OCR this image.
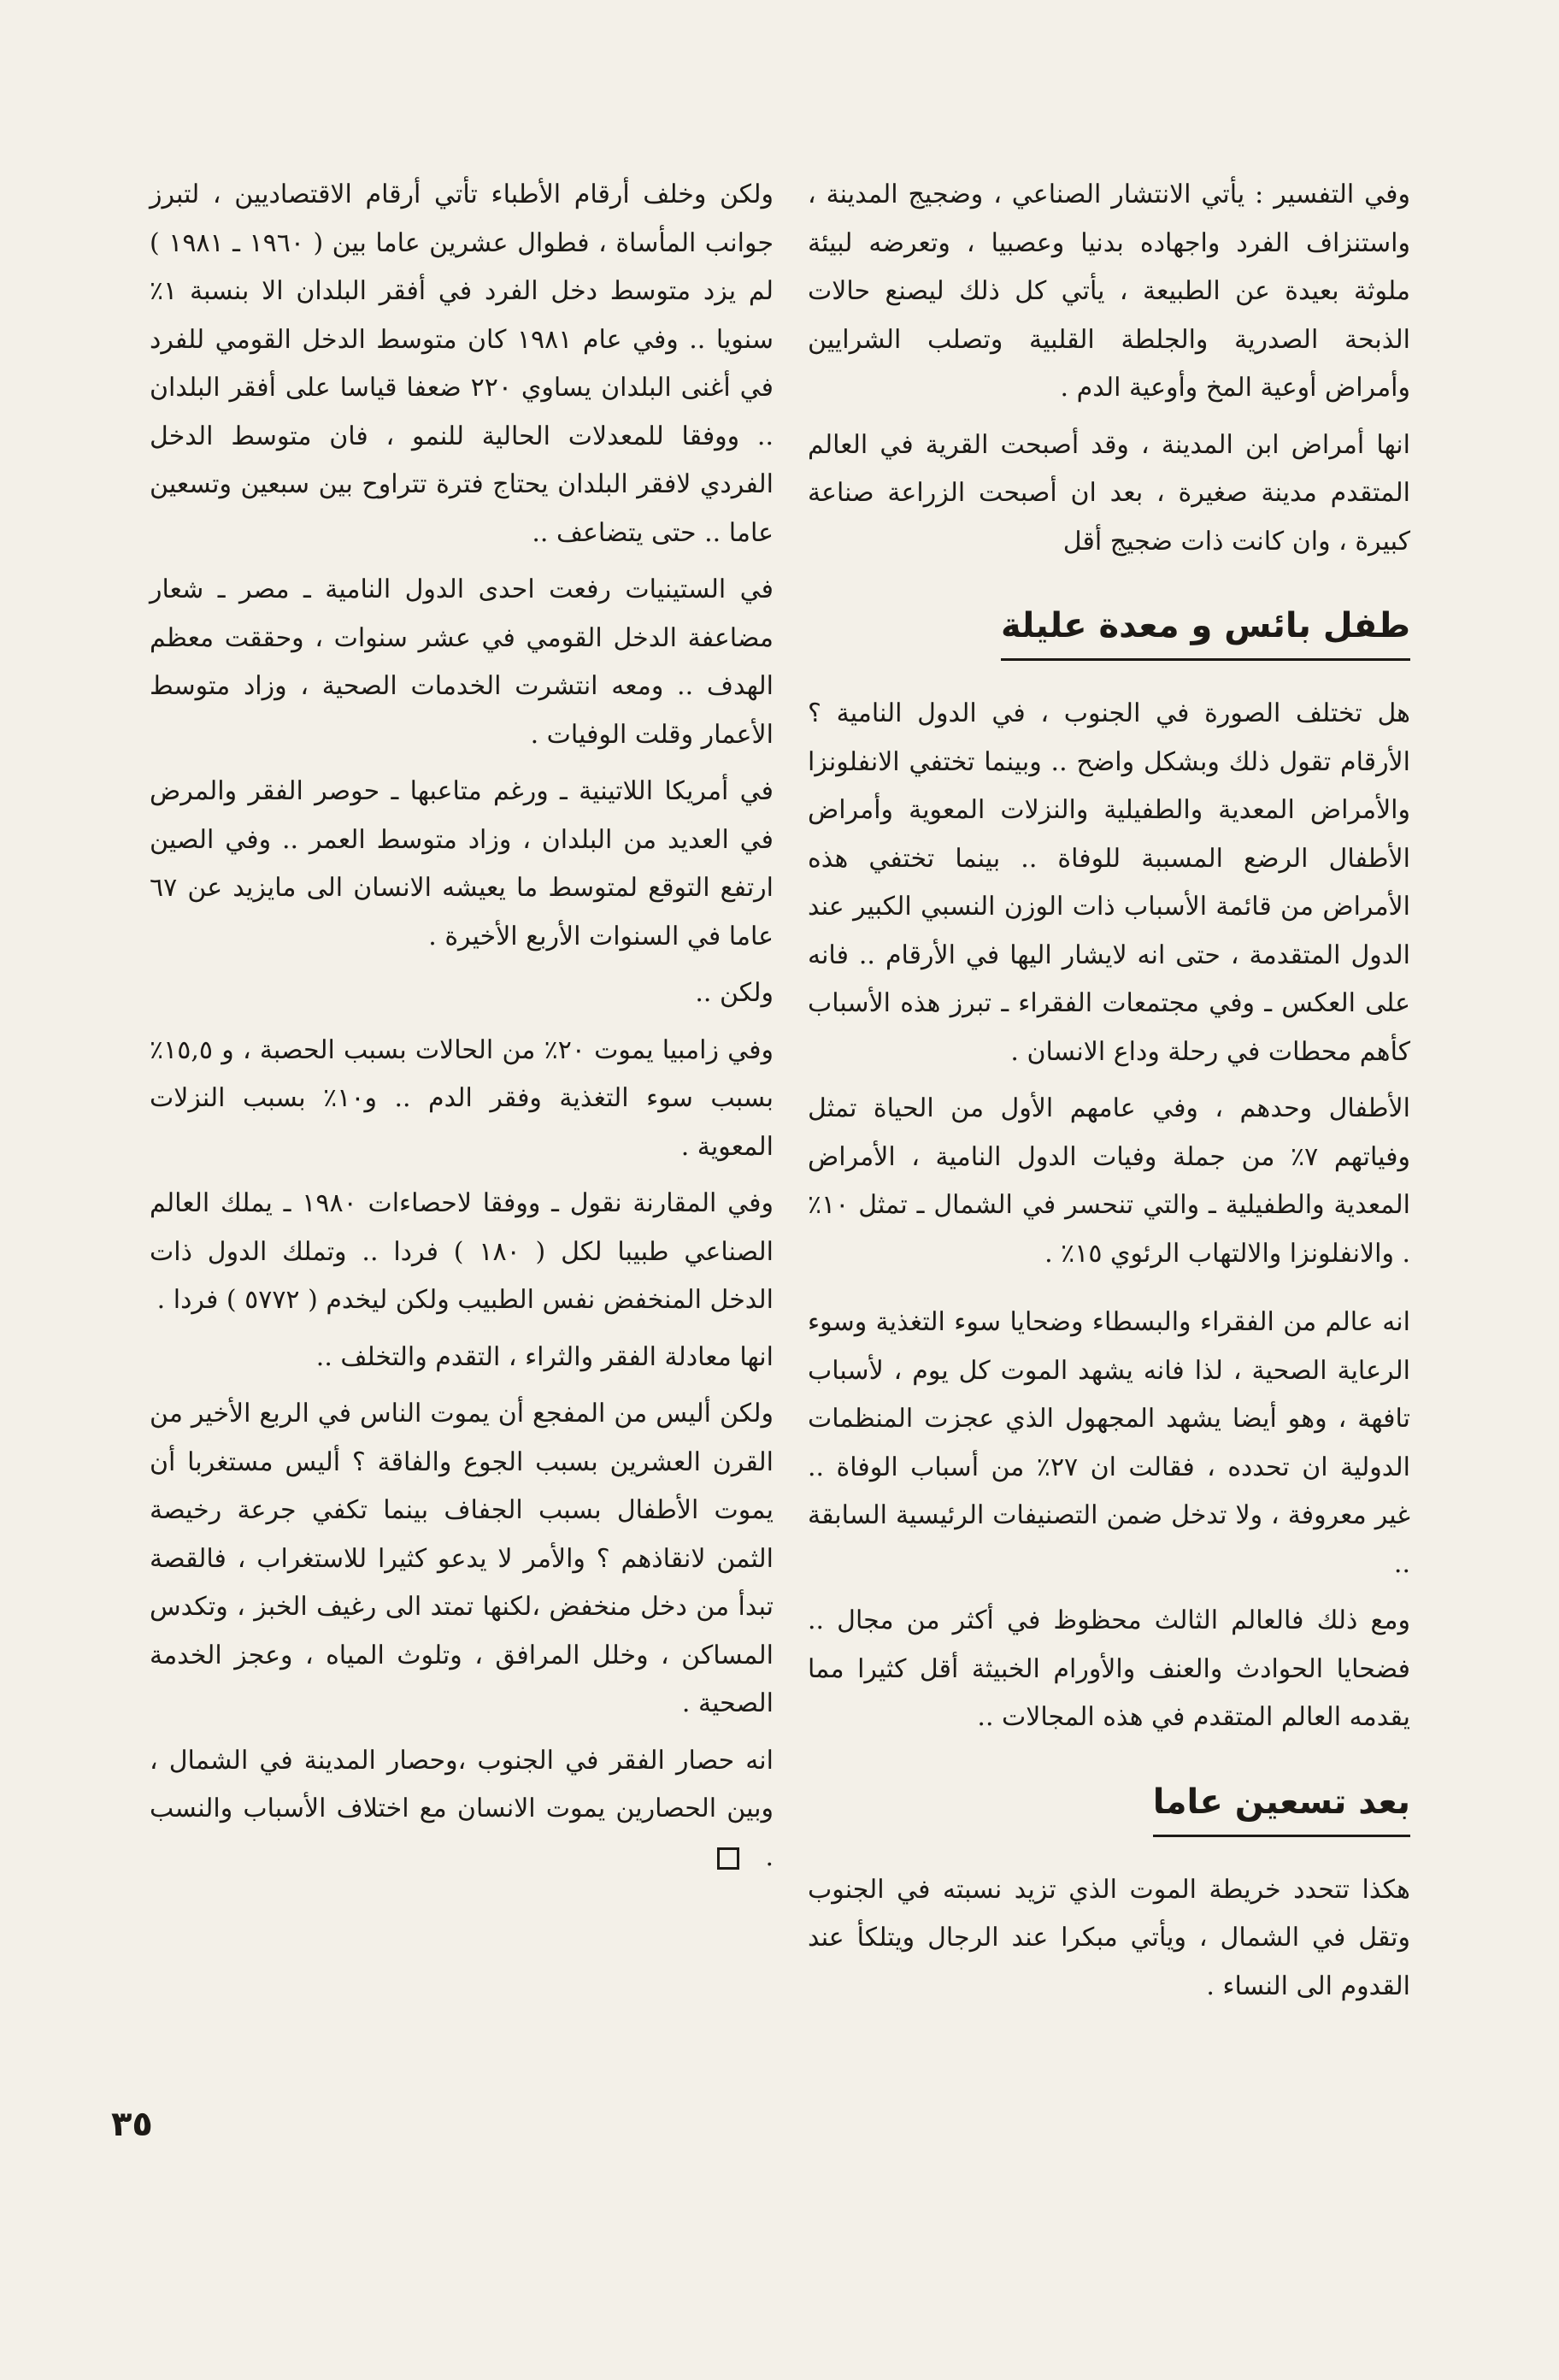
وفي التفسير : يأتي الانتشار الصناعي ، وضجيج المدينة ، واستنزاف الفرد واجهاده بدنيا وعصبيا ، وتعرضه لبيئة ملوثة بعيدة عن الطبيعة ، يأتي كل ذلك ليصنع حالات الذبحة الصدرية والجلطة القلبية وتصلب الشرايين وأمراض أوعية المخ وأوعية الدم .

انها أمراض ابن المدينة ، وقد أصبحت القرية في العالم المتقدم مدينة صغيرة ، بعد ان أصبحت الزراعة صناعة كبيرة ، وان كانت ذات ضجيج أقل

طفل بائس و معدة عليلة

هل تختلف الصورة في الجنوب ، في الدول النامية ؟ الأرقام تقول ذلك وبشكل واضح .. وبينما تختفي الانفلونزا والأمراض المعدية والطفيلية والنزلات المعوية وأمراض الأطفال الرضع المسببة للوفاة .. بينما تختفي هذه الأمراض من قائمة الأسباب ذات الوزن النسبي الكبير عند الدول المتقدمة ، حتى انه لايشار اليها في الأرقام .. فانه على العكس ـ وفي مجتمعات الفقراء ـ تبرز هذه الأسباب كأهم محطات في رحلة وداع الانسان .

الأطفال وحدهم ، وفي عامهم الأول من الحياة تمثل وفياتهم ٧٪ من جملة وفيات الدول النامية ، الأمراض المعدية والطفيلية ـ والتي تنحسر في الشمال ـ تمثل ١٠٪ . والانفلونزا والالتهاب الرئوي ١٥٪ .

انه عالم من الفقراء والبسطاء وضحايا سوء التغذية وسوء الرعاية الصحية ، لذا فانه يشهد الموت كل يوم ، لأسباب تافهة ، وهو أيضا يشهد المجهول الذي عجزت المنظمات الدولية ان تحدده ، فقالت ان ٢٧٪ من أسباب الوفاة .. غير معروفة ، ولا تدخل ضمن التصنيفات الرئيسية السابقة ..

ومع ذلك فالعالم الثالث محظوظ في أكثر من مجال .. فضحايا الحوادث والعنف والأورام الخبيثة أقل كثيرا مما يقدمه العالم المتقدم في هذه المجالات ..

بعد تسعين عاما

هكذا تتحدد خريطة الموت الذي تزيد نسبته في الجنوب وتقل في الشمال ، ويأتي مبكرا عند الرجال ويتلكأ عند القدوم الى النساء .

ولكن وخلف أرقام الأطباء تأتي أرقام الاقتصاديين ، لتبرز جوانب المأساة ، فطوال عشرين عاما بين ( ١٩٦٠ ـ ١٩٨١ ) لم يزد متوسط دخل الفرد في أفقر البلدان الا بنسبة ١٪ سنويا .. وفي عام ١٩٨١ كان متوسط الدخل القومي للفرد في أغنى البلدان يساوي ٢٢٠ ضعفا قياسا على أفقر البلدان .. ووفقا للمعدلات الحالية للنمو ، فان متوسط الدخل الفردي لافقر البلدان يحتاج فترة تتراوح بين سبعين وتسعين عاما .. حتى يتضاعف ..

في الستينيات رفعت احدى الدول النامية ـ مصر ـ شعار مضاعفة الدخل القومي في عشر سنوات ، وحققت معظم الهدف .. ومعه انتشرت الخدمات الصحية ، وزاد متوسط الأعمار وقلت الوفيات .

في أمريكا اللاتينية ـ ورغم متاعبها ـ حوصر الفقر والمرض في العديد من البلدان ، وزاد متوسط العمر .. وفي الصين ارتفع التوقع لمتوسط ما يعيشه الانسان الى مايزيد عن ٦٧ عاما في السنوات الأربع الأخيرة .

ولكن ..

وفي زامبيا يموت ٢٠٪ من الحالات بسبب الحصبة ، و ١٥,٥٪ بسبب سوء التغذية وفقر الدم .. و١٠٪ بسبب النزلات المعوية .

وفي المقارنة نقول ـ ووفقا لاحصاءات ١٩٨٠ ـ يملك العالم الصناعي طبيبا لكل ( ١٨٠ ) فردا .. وتملك الدول ذات الدخل المنخفض نفس الطبيب ولكن ليخدم ( ٥٧٧٢ ) فردا .

انها معادلة الفقر والثراء ، التقدم والتخلف ..

ولكن أليس من المفجع أن يموت الناس في الربع الأخير من القرن العشرين بسبب الجوع والفاقة ؟ أليس مستغربا أن يموت الأطفال بسبب الجفاف بينما تكفي جرعة رخيصة الثمن لانقاذهم ؟ والأمر لا يدعو كثيرا للاستغراب ، فالقصة تبدأ من دخل منخفض ،لكنها تمتد الى رغيف الخبز ، وتكدس المساكن ، وخلل المرافق ، وتلوث المياه ، وعجز الخدمة الصحية .

انه حصار الفقر في الجنوب ،وحصار المدينة في الشمال ، وبين الحصارين يموت الانسان مع اختلاف الأسباب والنسب .

٣٥
